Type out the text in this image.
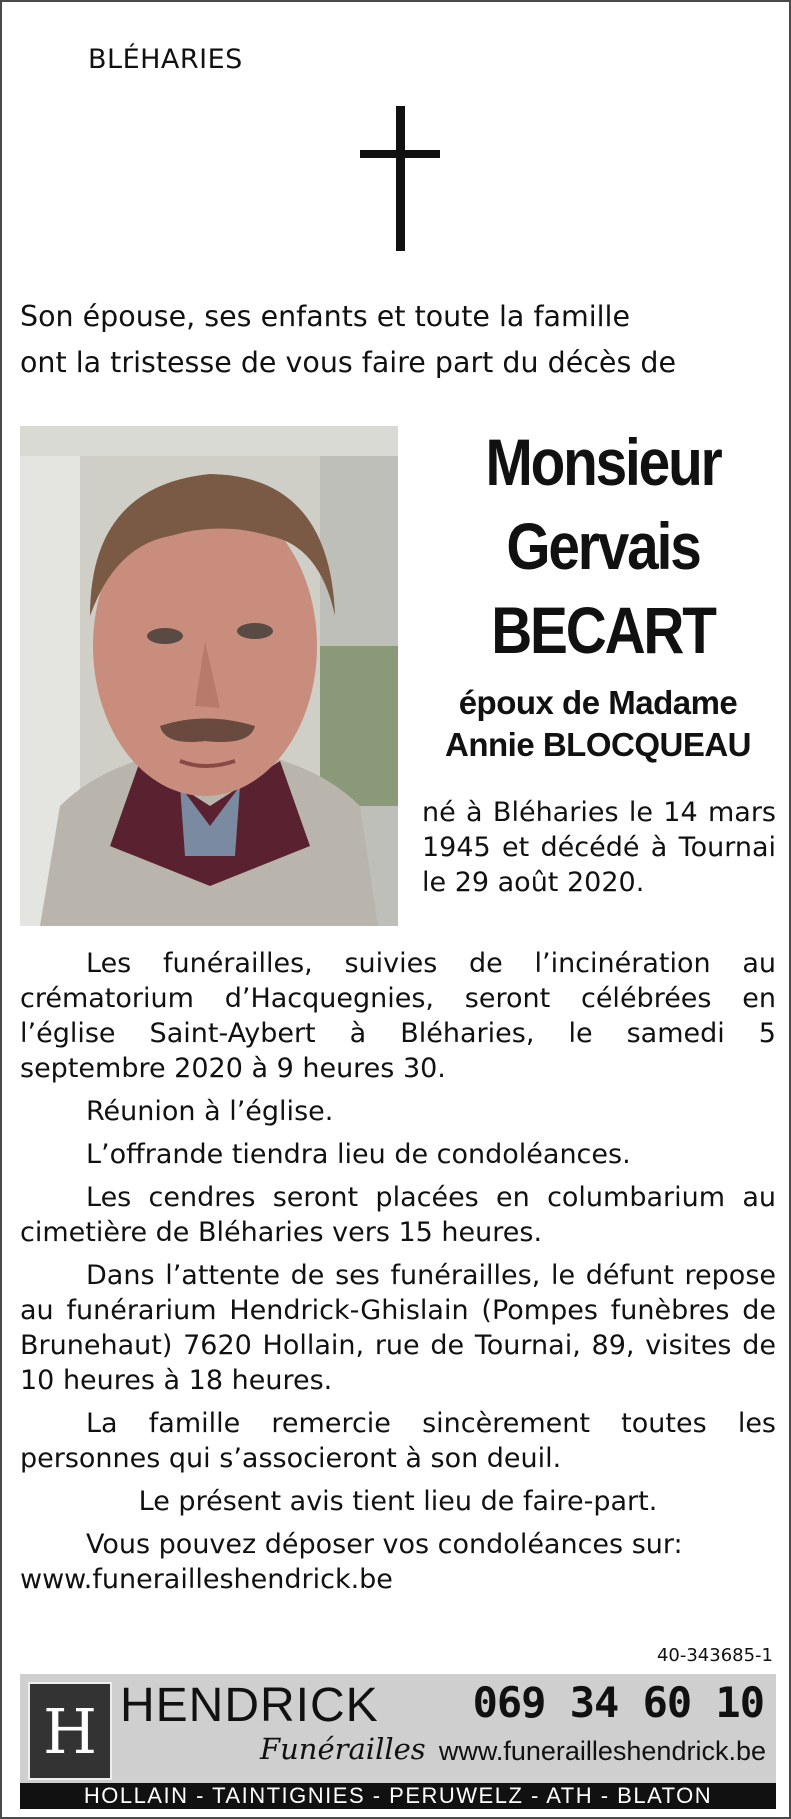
BLÉHARIES
Son épouse, ses enfants et toute la famille
ont la tristesse de vous faire part du décès de
Monsieur
Gervais
BECART
époux de Madame
Annie BLOCQUEAU
né à Bléharies le 14 mars 1945 et décédé à Tournai le 29 août 2020.

Les funérailles, suivies de l’incinération au crématorium d’Hacquegnies, seront célébrées en l’église Saint-Aybert à Bléharies, le samedi 5 septembre 2020 à 9 heures 30.

Réunion à l’église.

L’offrande tiendra lieu de condoléances.

Les cendres seront placées en columbarium au cimetière de Bléharies vers 15 heures.

Dans l’attente de ses funérailles, le défunt repose au funérarium Hendrick-Ghislain (Pompes funèbres de Brunehaut) 7620 Hollain, rue de Tournai, 89, visites de 10 heures à 18 heures.

La famille remercie sincèrement toutes les personnes qui s’associeront à son deuil.

Le présent avis tient lieu de faire-part.

Vous pouvez déposer vos condoléances sur:

www.funerailleshendrick.be

40-343685-1
H HENDRICK
Funérailles
069 34 60 10
www.funerailleshendrick.be
HOLLAIN - TAINTIGNIES - PERUWELZ - ATH - BLATON
